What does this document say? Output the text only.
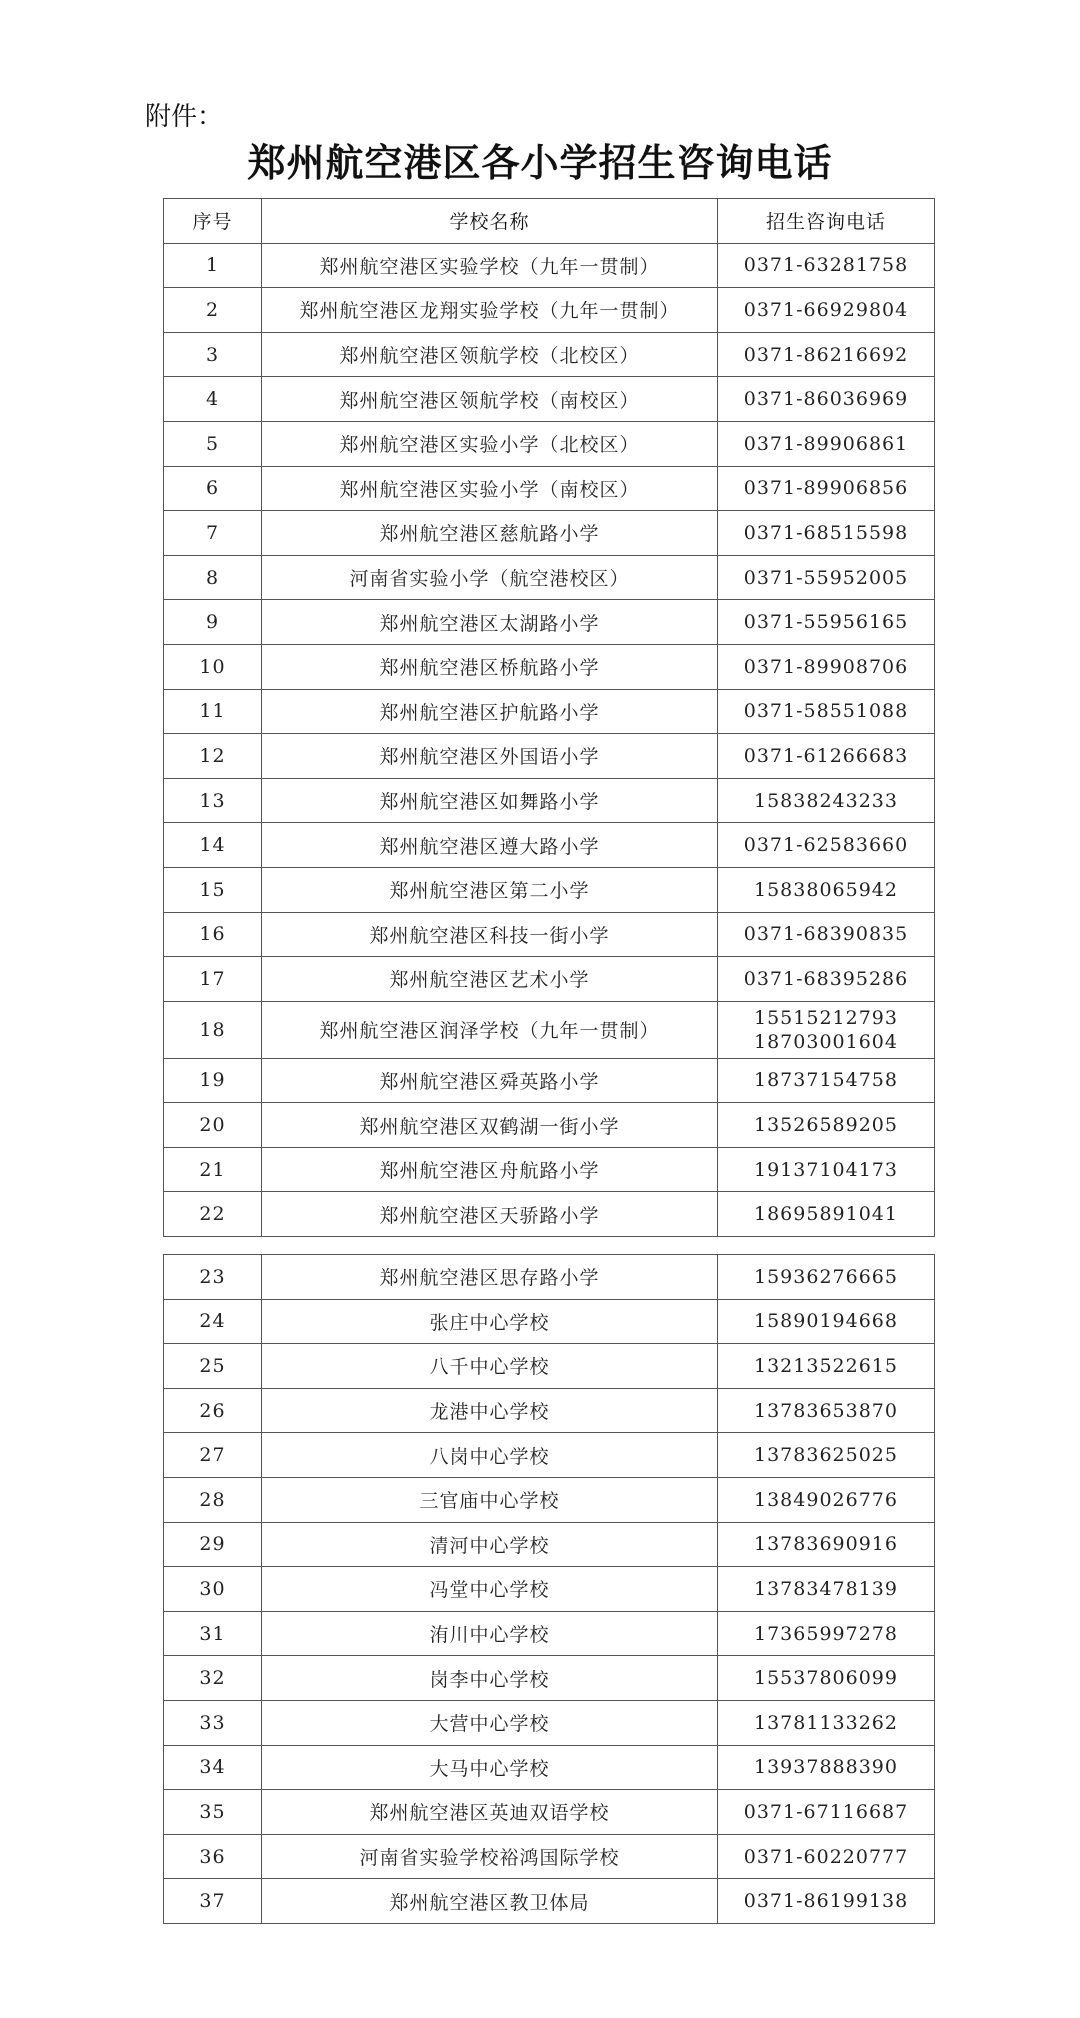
附件：
郑州航空港区各小学招生咨询电话
序号	学校名称	招生咨询电话
1	郑州航空港区实验学校（九年一贯制）	0371-63281758

2	郑州航空港区龙翔实验学校（九年一贯制）	0371-66929804

3	郑州航空港区领航学校（北校区）	0371-86216692

4	郑州航空港区领航学校（南校区）	0371-86036969

5	郑州航空港区实验小学（北校区）	0371-89906861

6	郑州航空港区实验小学（南校区）	0371-89906856

7	郑州航空港区慈航路小学	0371-68515598

8	河南省实验小学（航空港校区）	0371-55952005

9	郑州航空港区太湖路小学	0371-55956165

10	郑州航空港区桥航路小学	0371-89908706

11	郑州航空港区护航路小学	0371-58551088

12	郑州航空港区外国语小学	0371-61266683

13	郑州航空港区如舞路小学	15838243233

14	郑州航空港区遵大路小学	0371-62583660

15	郑州航空港区第二小学	15838065942

16	郑州航空港区科技一街小学	0371-68390835

17	郑州航空港区艺术小学	0371-68395286

18	郑州航空港区润泽学校（九年一贯制）	15515212793
18703001604

19	郑州航空港区舜英路小学	18737154758

20	郑州航空港区双鹤湖一街小学	13526589205

21	郑州航空港区舟航路小学	19137104173

22	郑州航空港区天骄路小学	18695891041
23	郑州航空港区思存路小学	15936276665

24	张庄中心学校	15890194668

25	八千中心学校	13213522615

26	龙港中心学校	13783653870

27	八岗中心学校	13783625025

28	三官庙中心学校	13849026776

29	清河中心学校	13783690916

30	冯堂中心学校	13783478139

31	洧川中心学校	17365997278

32	岗李中心学校	15537806099

33	大营中心学校	13781133262

34	大马中心学校	13937888390

35	郑州航空港区英迪双语学校	0371-67116687

36	河南省实验学校裕鸿国际学校	0371-60220777

37	郑州航空港区教卫体局	0371-86199138
